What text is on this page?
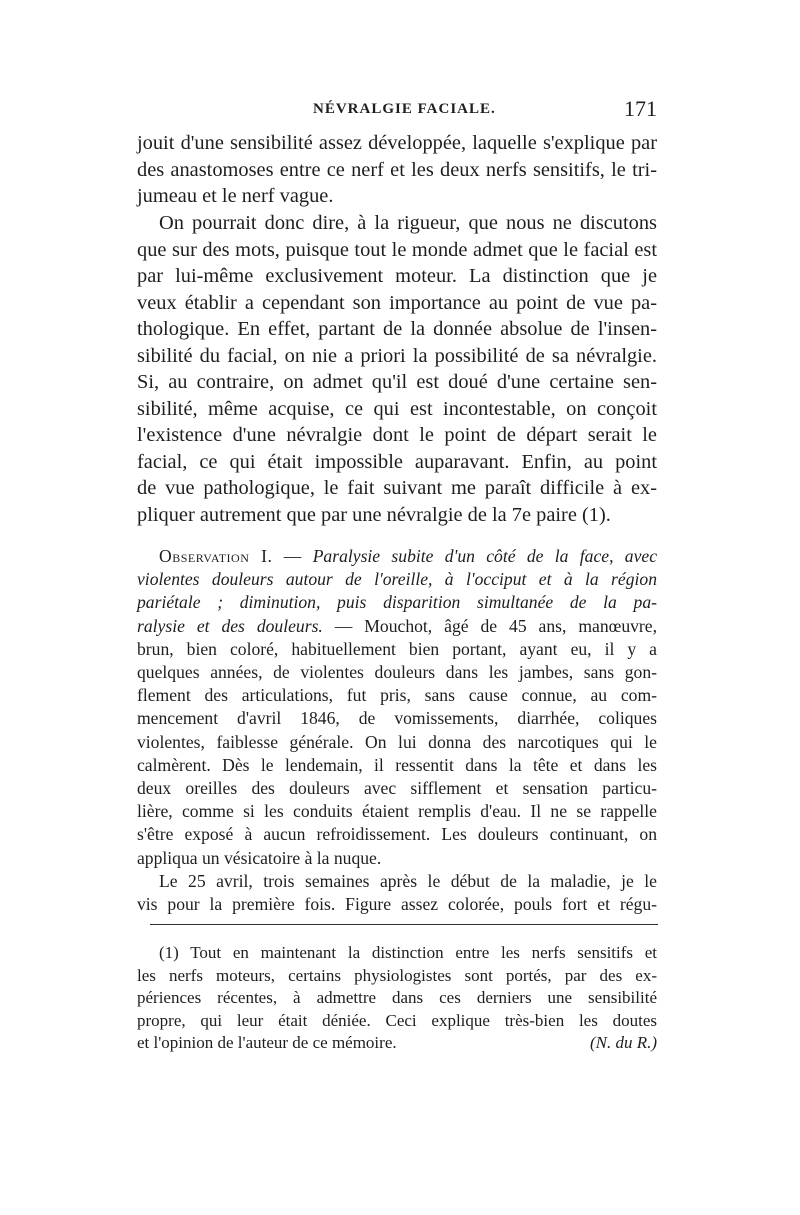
NÉVRALGIE FACIALE.	171
jouit d'une sensibilité assez développée, laquelle s'explique par
des anastomoses entre ce nerf et les deux nerfs sensitifs, le tri-
jumeau et le nerf vague.
On pourrait donc dire, à la rigueur, que nous ne discutons
que sur des mots, puisque tout le monde admet que le facial est
par lui-même exclusivement moteur. La distinction que je
veux établir a cependant son importance au point de vue pa-
thologique. En effet, partant de la donnée absolue de l'insen-
sibilité du facial, on nie a priori la possibilité de sa névralgie.
Si, au contraire, on admet qu'il est doué d'une certaine sen-
sibilité, même acquise, ce qui est incontestable, on conçoit
l'existence d'une névralgie dont le point de départ serait le
facial, ce qui était impossible auparavant. Enfin, au point
de vue pathologique, le fait suivant me paraît difficile à ex-
pliquer autrement que par une névralgie de la 7e paire (1).
Observation I. — Paralysie subite d'un côté de la face, avec
violentes douleurs autour de l'oreille, à l'occiput et à la région
pariétale ; diminution, puis disparition simultanée de la pa-
ralysie et des douleurs. — Mouchot, âgé de 45 ans, manœuvre,
brun, bien coloré, habituellement bien portant, ayant eu, il y a
quelques années, de violentes douleurs dans les jambes, sans gon-
flement des articulations, fut pris, sans cause connue, au com-
mencement d'avril 1846, de vomissements, diarrhée, coliques
violentes, faiblesse générale. On lui donna des narcotiques qui le
calmèrent. Dès le lendemain, il ressentit dans la tête et dans les
deux oreilles des douleurs avec sifflement et sensation particu-
lière, comme si les conduits étaient remplis d'eau. Il ne se rappelle
s'être exposé à aucun refroidissement. Les douleurs continuant, on
appliqua un vésicatoire à la nuque.
Le 25 avril, trois semaines après le début de la maladie, je le
vis pour la première fois. Figure assez colorée, pouls fort et régu-
(1) Tout en maintenant la distinction entre les nerfs sensitifs et
les nerfs moteurs, certains physiologistes sont portés, par des ex-
périences récentes, à admettre dans ces derniers une sensibilité
propre, qui leur était déniée. Ceci explique très-bien les doutes
et l'opinion de l'auteur de ce mémoire.	(N. du R.)
